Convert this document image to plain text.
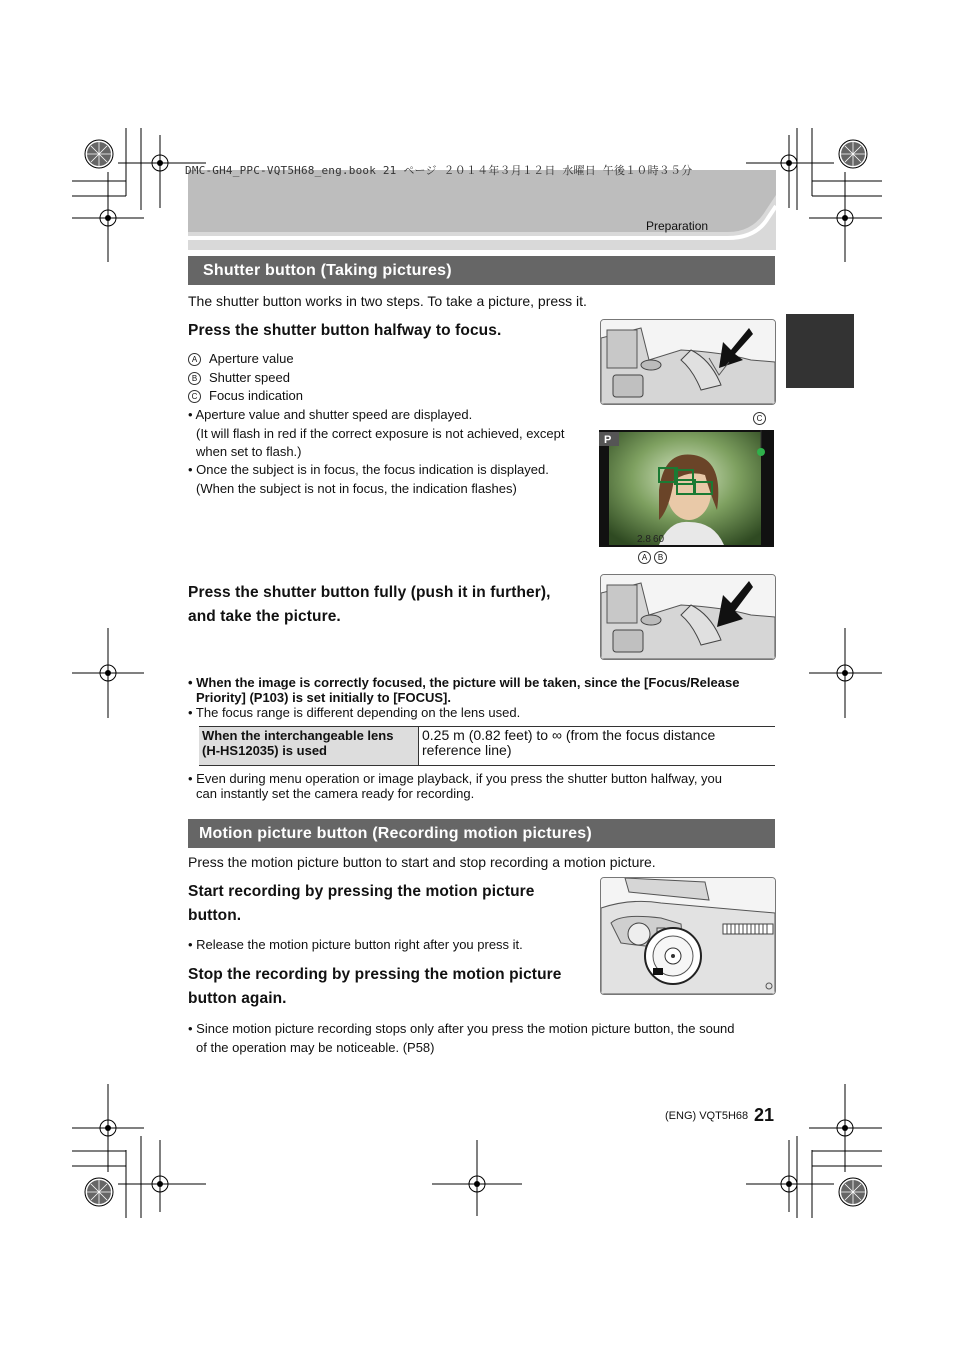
DMC-GH4_PPC-VQT5H68_eng.book 21 ページ ２０１４年３月１２日 水曜日 午後１０時３５分
Preparation
Shutter button (Taking pictures)
The shutter button works in two steps. To take a picture, press it.
Press the shutter button halfway to focus.
A Aperture value
B Shutter speed
C Focus indication
• Aperture value and shutter speed are displayed.
(It will flash in red if the correct exposure is not achieved, except
when set to flash.)
• Once the subject is in focus, the focus indication is displayed.
(When the subject is not in focus, the indication flashes)
C
P
2.8 60
A B
Press the shutter button fully (push it in further),
and take the picture.
• When the image is correctly focused, the picture will be taken, since the [Focus/Release
Priority] (P103) is set initially to [FOCUS].
• The focus range is different depending on the lens used.
When the interchangeable lens
(H-HS12035) is used
0.25 m (0.82 feet) to ∞ (from the focus distance
reference line)
• Even during menu operation or image playback, if you press the shutter button halfway, you
can instantly set the camera ready for recording.
Motion picture button (Recording motion pictures)
Press the motion picture button to start and stop recording a motion picture.
Start recording by pressing the motion picture
button.
• Release the motion picture button right after you press it.
Stop the recording by pressing the motion picture
button again.
• Since motion picture recording stops only after you press the motion picture button, the sound
of the operation may be noticeable. (P58)
(ENG) VQT5H68 21
